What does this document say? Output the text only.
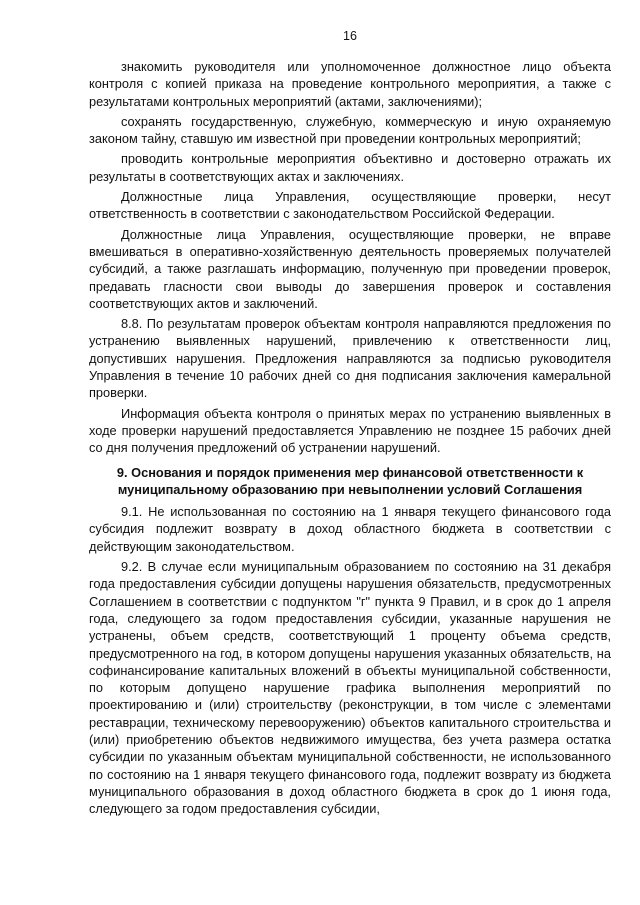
16

знакомить руководителя или уполномоченное должностное лицо объекта контроля с копией приказа на проведение контрольного мероприятия, а также с результатами контрольных мероприятий (актами, заключениями);

сохранять государственную, служебную, коммерческую и иную охраняемую законом тайну, ставшую им известной при проведении контрольных мероприятий;

проводить контрольные мероприятия объективно и достоверно отражать их результаты в соответствующих актах и заключениях.

Должностные лица Управления, осуществляющие проверки, несут ответственность в соответствии с законодательством Российской Федерации.

Должностные лица Управления, осуществляющие проверки, не вправе вмешиваться в оперативно-хозяйственную деятельность проверяемых получателей субсидий, а также разглашать информацию, полученную при проведении проверок, предавать гласности свои выводы до завершения проверок и составления соответствующих актов и заключений.

8.8. По результатам проверок объектам контроля направляются предложения по устранению выявленных нарушений, привлечению к ответственности лиц, допустивших нарушения. Предложения направляются за подписью руководителя Управления в течение 10 рабочих дней со дня подписания заключения камеральной проверки.

Информация объекта контроля о принятых мерах по устранению выявленных в ходе проверки нарушений предоставляется Управлению не позднее 15 рабочих дней со дня получения предложений об устранении нарушений.

9. Основания и порядок применения мер финансовой ответственности к муниципальному образованию при невыполнении условий Соглашения

9.1. Не использованная по состоянию на 1 января текущего финансового года субсидия подлежит возврату в доход областного бюджета в соответствии с действующим законодательством.

9.2. В случае если муниципальным образованием по состоянию на 31 декабря года предоставления субсидии допущены нарушения обязательств, предусмотренных Соглашением в соответствии с подпунктом "г" пункта 9 Правил, и в срок до 1 апреля года, следующего за годом предоставления субсидии, указанные нарушения не устранены, объем средств, соответствующий 1 проценту объема средств, предусмотренного на год, в котором допущены нарушения указанных обязательств, на софинансирование капитальных вложений в объекты муниципальной собственности, по которым допущено нарушение графика выполнения мероприятий по проектированию и (или) строительству (реконструкции, в том числе с элементами реставрации, техническому перевооружению) объектов капитального строительства и (или) приобретению объектов недвижимого имущества, без учета размера остатка субсидии по указанным объектам муниципальной собственности, не использованного по состоянию на 1 января текущего финансового года, подлежит возврату из бюджета муниципального образования в доход областного бюджета в срок до 1 июня года, следующего за годом предоставления субсидии,
